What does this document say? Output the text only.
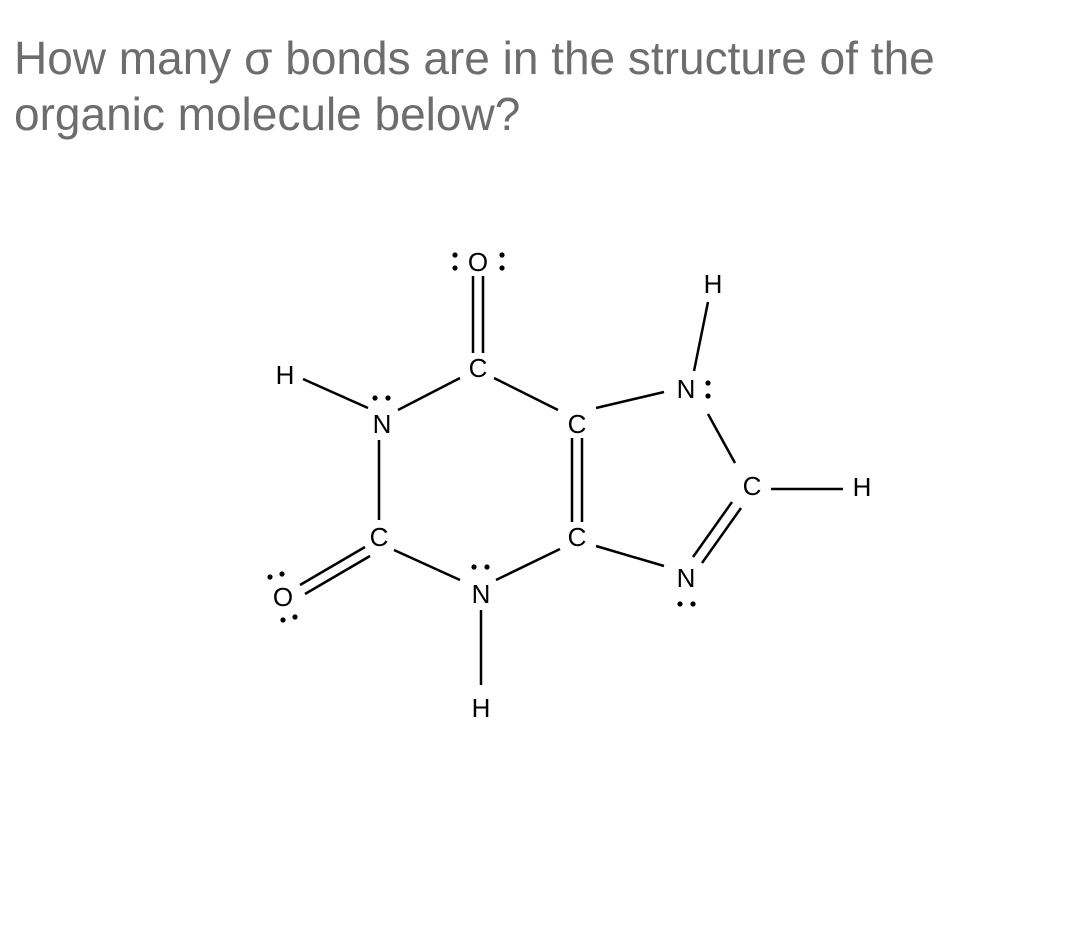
How many σ bonds are in the structure of the
organic molecule below?
O
C
H
N
C
O	N
H
C
C
N
H
C	H
N
